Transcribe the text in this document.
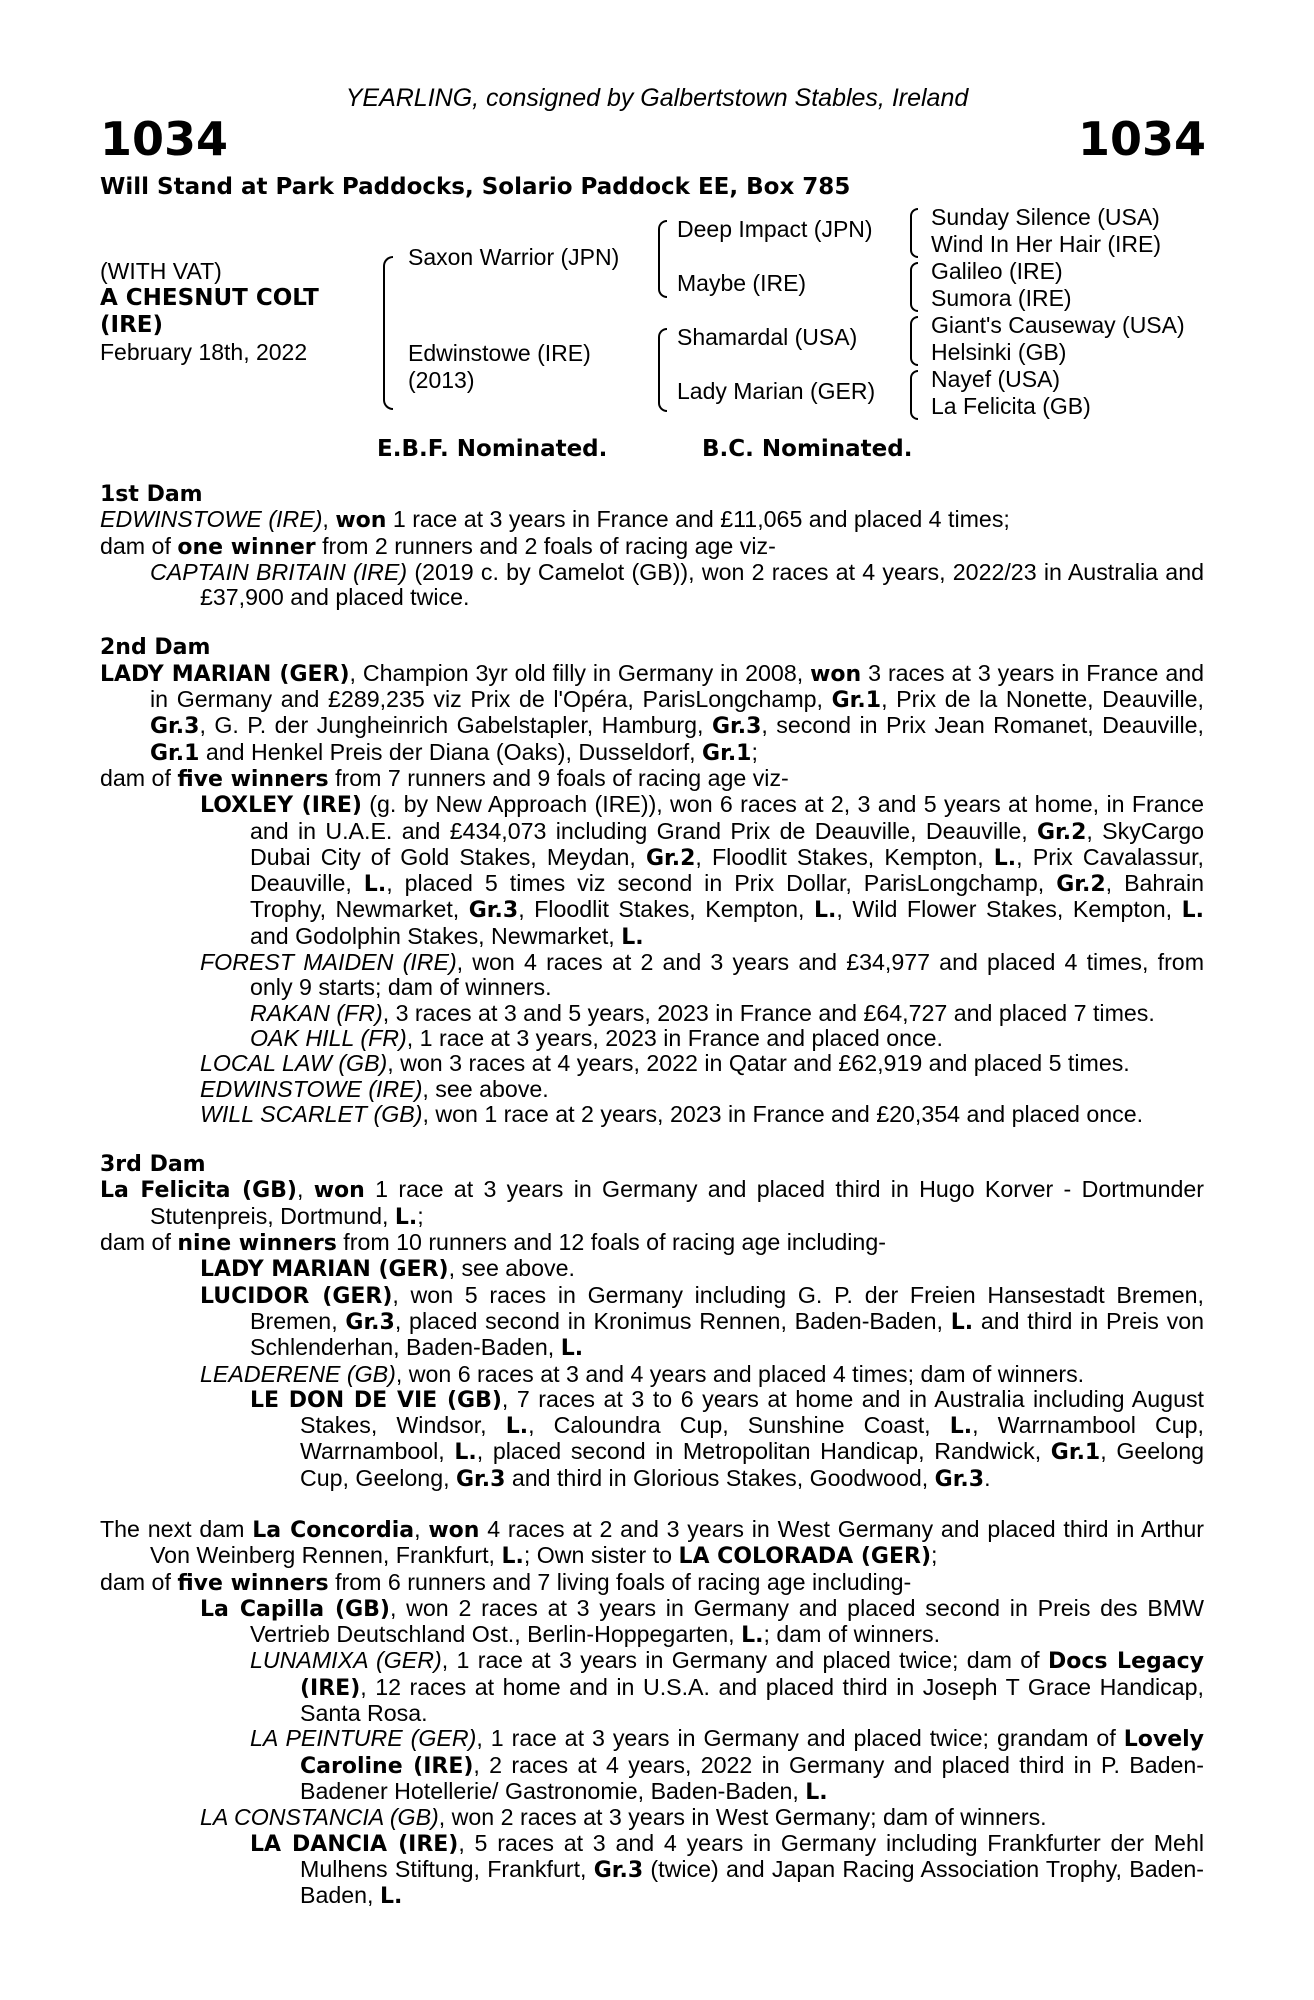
YEARLING, consigned by Galbertstown Stables, Ireland
1034	1034
Will Stand at Park Paddocks, Solario Paddock EE, Box 785
(WITH VAT)
A CHESNUT COLT
(IRE)
February 18th, 2022
Saxon Warrior (JPN)
Edwinstowe (IRE)
(2013)
Deep Impact (JPN)
Maybe (IRE)
Shamardal (USA)
Lady Marian (GER)
Sunday Silence (USA)
Wind In Her Hair (IRE)
Galileo (IRE)
Sumora (IRE)
Giant's Causeway (USA)
Helsinki (GB)
Nayef (USA)
La Felicita (GB)
E.B.F. Nominated.	B.C. Nominated.
1st Dam

EDWINSTOWE (IRE), won 1 race at 3 years in France and £11,065 and placed 4 times;

dam of one winner from 2 runners and 2 foals of racing age viz-

CAPTAIN BRITAIN (IRE) (2019 c. by Camelot (GB)), won 2 races at 4 years, 2022/23 in Australia and £37,900 and placed twice.

2nd Dam

LADY MARIAN (GER), Champion 3yr old filly in Germany in 2008, won 3 races at 3 years in France and in Germany and £289,235 viz Prix de l'Opéra, ParisLongchamp, Gr.1, Prix de la Nonette, Deauville, Gr.3, G. P. der Jungheinrich Gabelstapler, Hamburg, Gr.3, second in Prix Jean Romanet, Deauville, Gr.1 and Henkel Preis der Diana (Oaks), Dusseldorf, Gr.1;

dam of five winners from 7 runners and 9 foals of racing age viz-

LOXLEY (IRE) (g. by New Approach (IRE)), won 6 races at 2, 3 and 5 years at home, in France and in U.A.E. and £434,073 including Grand Prix de Deauville, Deauville, Gr.2, SkyCargo Dubai City of Gold Stakes, Meydan, Gr.2, Floodlit Stakes, Kempton, L., Prix Cavalassur, Deauville, L., placed 5 times viz second in Prix Dollar, ParisLongchamp, Gr.2, Bahrain Trophy, Newmarket, Gr.3, Floodlit Stakes, Kempton, L., Wild Flower Stakes, Kempton, L. and Godolphin Stakes, Newmarket, L.

FOREST MAIDEN (IRE), won 4 races at 2 and 3 years and £34,977 and placed 4 times, from only 9 starts; dam of winners.

RAKAN (FR), 3 races at 3 and 5 years, 2023 in France and £64,727 and placed 7 times.

OAK HILL (FR), 1 race at 3 years, 2023 in France and placed once.

LOCAL LAW (GB), won 3 races at 4 years, 2022 in Qatar and £62,919 and placed 5 times.

EDWINSTOWE (IRE), see above.

WILL SCARLET (GB), won 1 race at 2 years, 2023 in France and £20,354 and placed once.

3rd Dam

La Felicita (GB), won 1 race at 3 years in Germany and placed third in Hugo Korver - Dortmunder Stutenpreis, Dortmund, L.;

dam of nine winners from 10 runners and 12 foals of racing age including-

LADY MARIAN (GER), see above.

LUCIDOR (GER), won 5 races in Germany including G. P. der Freien Hansestadt Bremen, Bremen, Gr.3, placed second in Kronimus Rennen, Baden-Baden, L. and third in Preis von Schlenderhan, Baden-Baden, L.

LEADERENE (GB), won 6 races at 3 and 4 years and placed 4 times; dam of winners.

LE DON DE VIE (GB), 7 races at 3 to 6 years at home and in Australia including August Stakes, Windsor, L., Caloundra Cup, Sunshine Coast, L., Warrnambool Cup, Warrnambool, L., placed second in Metropolitan Handicap, Randwick, Gr.1, Geelong Cup, Geelong, Gr.3 and third in Glorious Stakes, Goodwood, Gr.3.

The next dam La Concordia, won 4 races at 2 and 3 years in West Germany and placed third in Arthur Von Weinberg Rennen, Frankfurt, L.; Own sister to LA COLORADA (GER);

dam of five winners from 6 runners and 7 living foals of racing age including-

La Capilla (GB), won 2 races at 3 years in Germany and placed second in Preis des BMW Vertrieb Deutschland Ost., Berlin-Hoppegarten, L.; dam of winners.

LUNAMIXA (GER), 1 race at 3 years in Germany and placed twice; dam of Docs Legacy (IRE), 12 races at home and in U.S.A. and placed third in Joseph T Grace Handicap, Santa Rosa.

LA PEINTURE (GER), 1 race at 3 years in Germany and placed twice; grandam of Lovely Caroline (IRE), 2 races at 4 years, 2022 in Germany and placed third in P. Baden-Badener Hotellerie/ Gastronomie, Baden-Baden, L.

LA CONSTANCIA (GB), won 2 races at 3 years in West Germany; dam of winners.

LA DANCIA (IRE), 5 races at 3 and 4 years in Germany including Frankfurter der Mehl Mulhens Stiftung, Frankfurt, Gr.3 (twice) and Japan Racing Association Trophy, Baden-Baden, L.
